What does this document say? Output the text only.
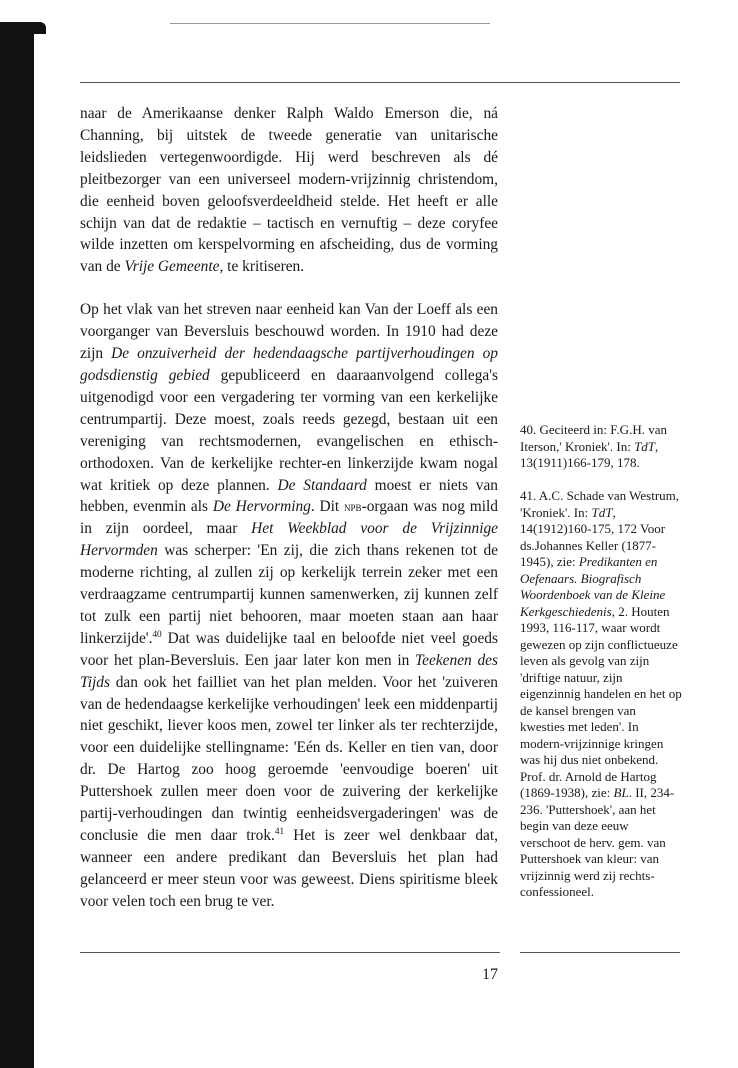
naar de Amerikaanse denker Ralph Waldo Emerson die, ná Channing, bij uitstek de tweede generatie van unitarische leidslieden vertegenwoordigde. Hij werd beschreven als dé pleitbezorger van een universeel modern-vrijzinnig christendom, die eenheid boven geloofsverdeeldheid stelde. Het heeft er alle schijn van dat de redaktie – tactisch en vernuftig – deze coryfee wilde inzetten om kerspelvorming en afscheiding, dus de vorming van de Vrije Gemeente, te kritiseren.

Op het vlak van het streven naar eenheid kan Van der Loeff als een voorganger van Beversluis beschouwd worden. In 1910 had deze zijn De onzuiverheid der hedendaagsche partijverhoudingen op godsdienstig gebied gepubliceerd en daaraanvolgend collega's uitgenodigd voor een vergadering ter vorming van een kerkelijke centrumpartij. Deze moest, zoals reeds gezegd, bestaan uit een vereniging van rechtsmodernen, evangelischen en ethisch-orthodoxen. Van de kerkelijke rechter-en linkerzijde kwam nogal wat kritiek op deze plannen. De Standaard moest er niets van hebben, evenmin als De Hervorming. Dit npb-orgaan was nog mild in zijn oordeel, maar Het Weekblad voor de Vrijzinnige Hervormden was scherper: 'En zij, die zich thans rekenen tot de moderne richting, al zullen zij op kerkelijk terrein zeker met een verdraagzame centrumpartij kunnen samenwerken, zij kunnen zelf tot zulk een partij niet behooren, maar moeten staan aan haar linkerzijde'.$^{40}$ Dat was duidelijke taal en beloofde niet veel goeds voor het plan-Beversluis. Een jaar later kon men in Teekenen des Tijds dan ook het failliet van het plan melden. Voor het 'zuiveren van de hedendaagse kerkelijke verhoudingen' leek een middenpartij niet geschikt, liever koos men, zowel ter linker als ter rechterzijde, voor een duidelijke stellingname: 'Eén ds. Keller en tien van, door dr. De Hartog zoo hoog geroemde 'eenvoudige boeren' uit Puttershoek zullen meer doen voor de zuivering der kerkelijke partij-verhoudingen dan twintig eenheidsvergaderingen' was de conclusie die men daar trok.$^{41}$ Het is zeer wel denkbaar dat, wanneer een andere predikant dan Beversluis het plan had gelanceerd er meer steun voor was geweest. Diens spiritisme bleek voor velen toch een brug te ver.

40. Geciteerd in: F.G.H. van Iterson,' Kroniek'. In: TdT, 13(1911)166-179, 178.

41. A.C. Schade van Westrum, 'Kroniek'. In: TdT, 14(1912)160-175, 172 Voor ds.Johannes Keller (1877-1945), zie: Predikanten en Oefenaars. Biografisch Woordenboek van de Kleine Kerkgeschiedenis, 2. Houten 1993, 116-117, waar wordt gewezen op zijn conflictueuze leven als gevolg van zijn 'driftige natuur, zijn eigenzinnig handelen en het op de kansel brengen van kwesties met leden'. In modern-vrijzinnige kringen was hij dus niet onbekend. Prof. dr. Arnold de Hartog (1869-1938), zie: BL. II, 234-236. 'Puttershoek', aan het begin van deze eeuw verschoot de herv. gem. van Puttershoek van kleur: van vrijzinnig werd zij rechts-confessioneel.

17
